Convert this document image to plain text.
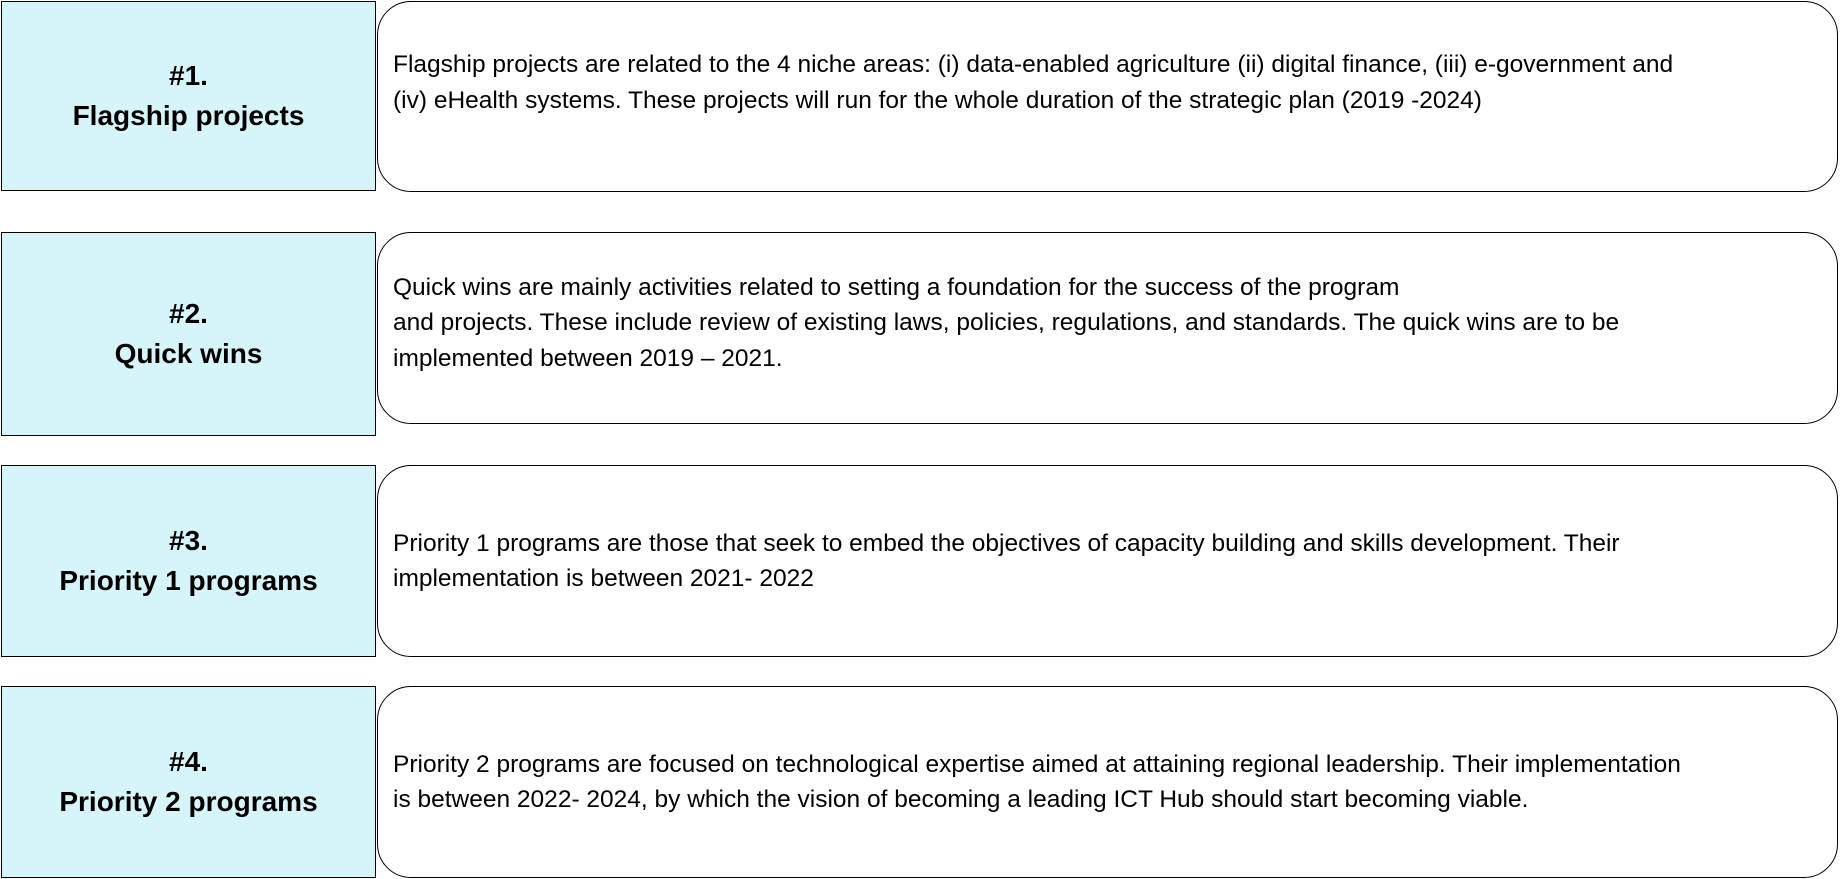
#1.
Flagship projects

Flagship projects are related to the 4 niche areas: (i) data-enabled agriculture (ii) digital finance, (iii) e-government and
(iv) eHealth systems. These projects will run for the whole duration of the strategic plan (2019 -2024)

#2.
Quick wins

Quick wins are mainly activities related to setting a foundation for the success of the program
and projects. These include review of existing laws, policies, regulations, and standards. The quick wins are to be
implemented between 2019 – 2021.

#3.
Priority 1 programs

Priority 1 programs are those that seek to embed the objectives of capacity building and skills development. Their
implementation is between 2021- 2022

#4.
Priority 2 programs

Priority 2 programs are focused on technological expertise aimed at attaining regional leadership. Their implementation
is between 2022- 2024, by which the vision of becoming a leading ICT Hub should start becoming viable.
